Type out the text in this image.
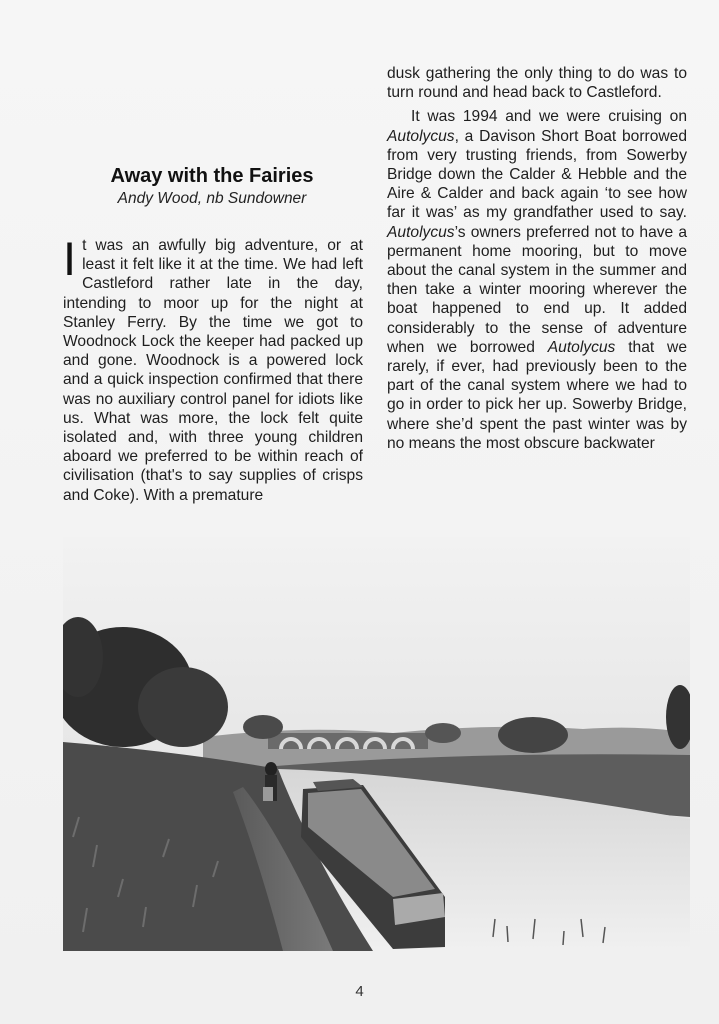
Away with the Fairies
Andy Wood, nb Sundowner

It was an awfully big adventure, or at least it felt like it at the time. We had left Castleford rather late in the day, intending to moor up for the night at Stanley Ferry. By the time we got to Woodnock Lock the keeper had packed up and gone. Woodnock is a powered lock and a quick inspection confirmed that there was no auxiliary control panel for idiots like us. What was more, the lock felt quite isolated and, with three young children aboard we preferred to be within reach of civilisation (that's to say supplies of crisps and Coke). With a premature

dusk gathering the only thing to do was to turn round and head back to Castleford.

It was 1994 and we were cruising on Autolycus, a Davison Short Boat borrowed from very trusting friends, from Sowerby Bridge down the Calder & Hebble and the Aire & Calder and back again ‘to see how far it was’ as my grandfather used to say. Autolycus’s owners preferred not to have a permanent home mooring, but to move about the canal system in the summer and then take a winter mooring wherever the boat happened to end up. It added considerably to the sense of adventure when we borrowed Autolycus that we rarely, if ever, had previously been to the part of the canal system where we had to go in order to pick her up. Sowerby Bridge, where she’d spent the past winter was by no means the most obscure backwater

4
